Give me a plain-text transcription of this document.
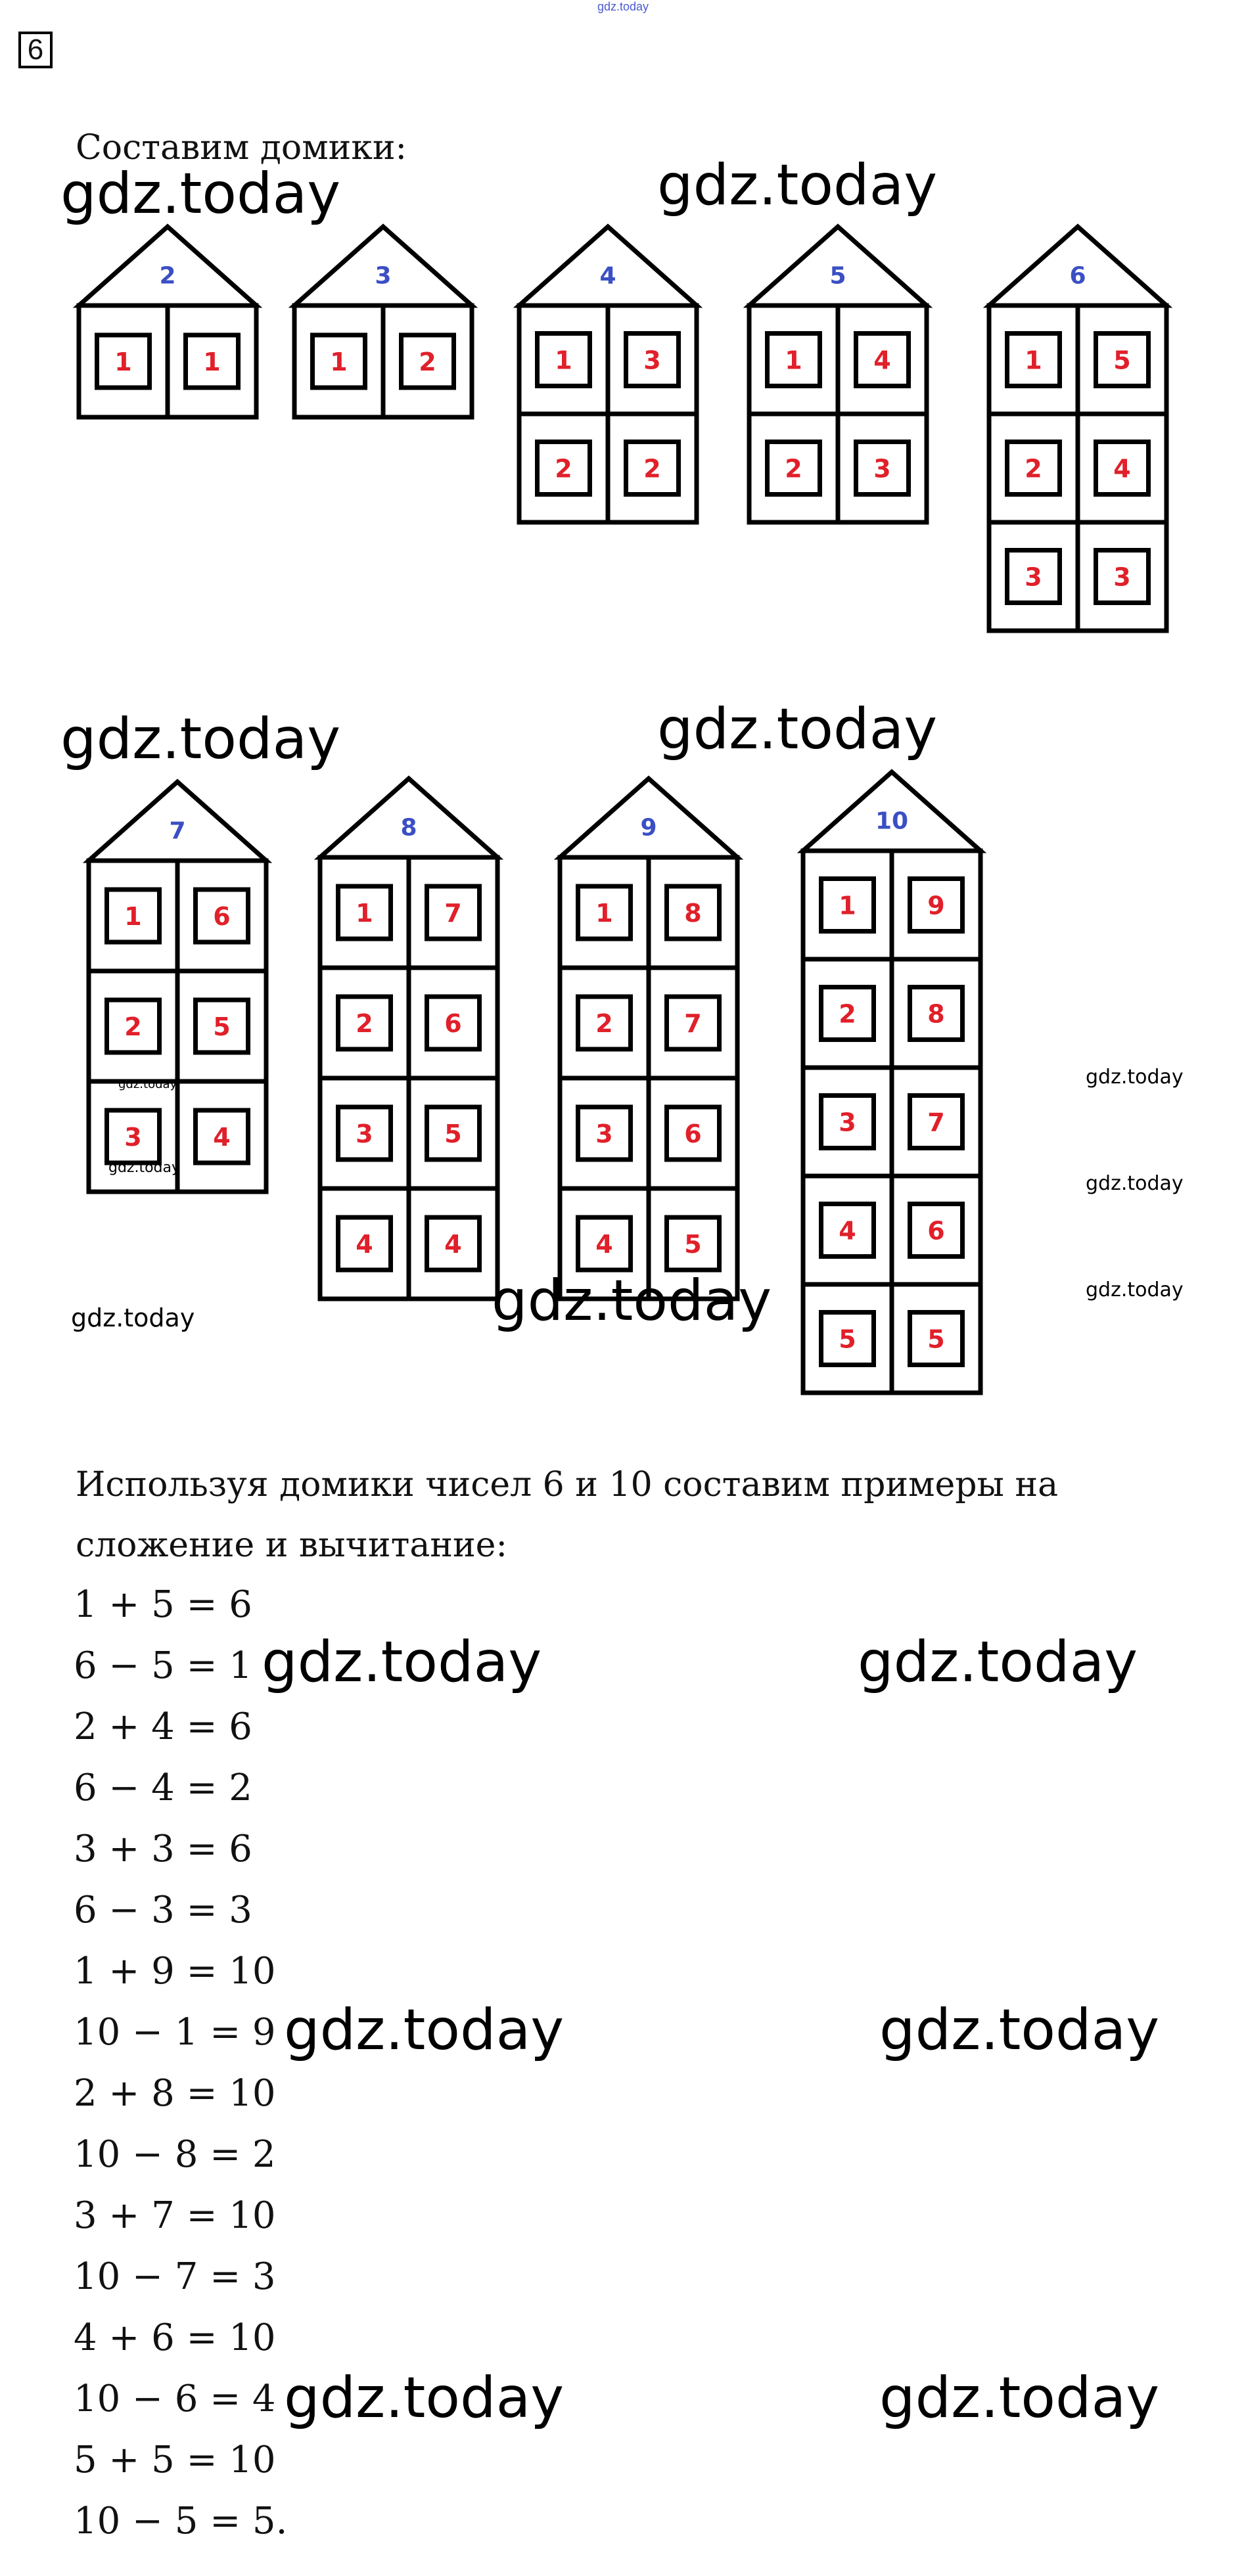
gdz.today
6
Составим домики:
2
1	1
3
1	2
4
1	3
2	2
5
1	4
2	3
6
1	5
2	4
3	3
7
1	6
2	5
3	4
8
1	7
2	6
3	5
4	4
9
1	8
2	7
3	6
4	5
10
1	9
2	8
3	7
4	6
5	5
gdz.today	gdz.today
gdz.today	gdz.today
gdz.today
gdz.today
gdz.today
gdz.today
gdz.today
gdz.today
gdz.today
Используя домики чисел 6 и 10 составим примеры на
сложение и вычитание:
1 + 5 = 6
6 − 5 = 1
2 + 4 = 6
6 − 4 = 2
3 + 3 = 6
6 − 3 = 3
1 + 9 = 10
10 − 1 = 9
2 + 8 = 10
10 − 8 = 2
3 + 7 = 10
10 − 7 = 3
4 + 6 = 10
10 − 6 = 4
5 + 5 = 10
10 − 5 = 5.
gdz.today	gdz.today
gdz.today	gdz.today
gdz.today	gdz.today
